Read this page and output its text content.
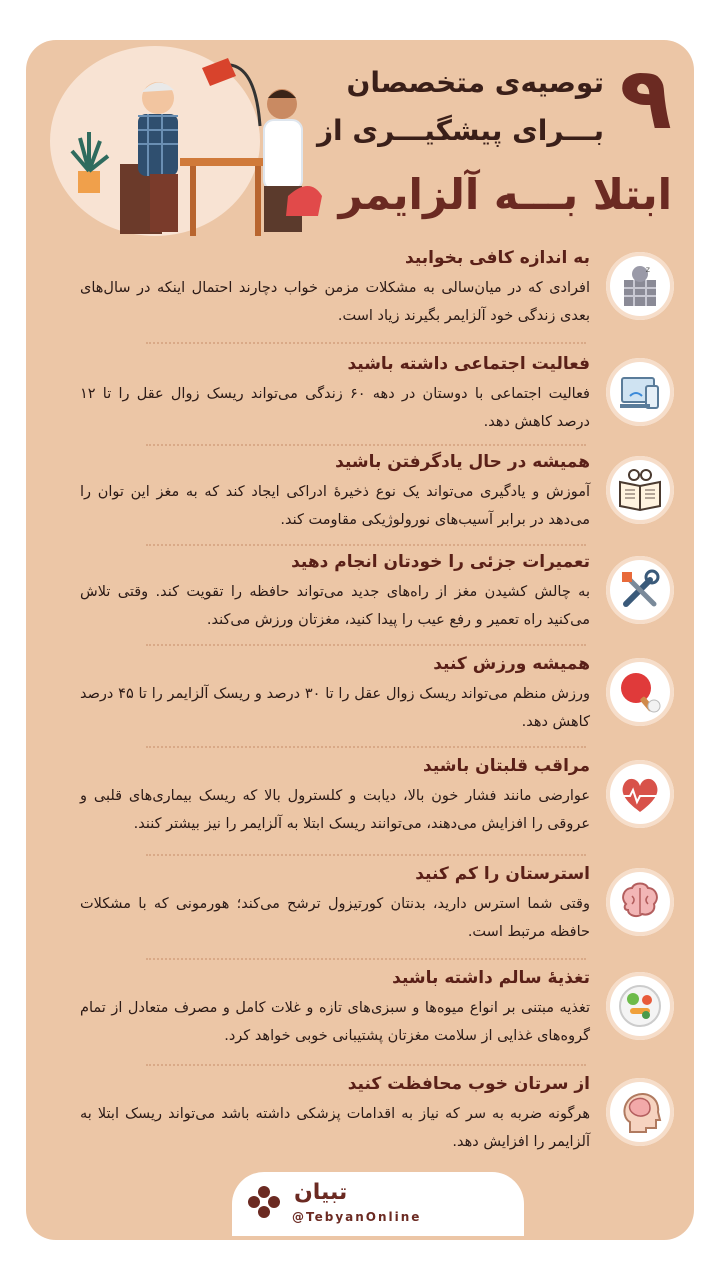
۹
توصیه‌ی متخصصان
بـــرای پیشگیـــری از
ابتلا بـــه آلزایمر
z
به اندازه کافی بخوابید
افرادی که در میان‌سالی به مشکلات مزمن خواب دچارند احتمال اینکه در سال‌های بعدی زندگی خود آلزایمر بگیرند زیاد است.
فعالیت اجتماعی داشته باشید
فعالیت اجتماعی با دوستان در دهه ۶۰ زندگی می‌تواند ریسک زوال عقل را تا ۱۲ درصد کاهش دهد.
همیشه در حال یادگرفتن باشید
آموزش و یادگیری می‌تواند یک نوع ذخیرهٔ ادراکی ایجاد کند که به مغز این توان را می‌دهد در برابر آسیب‌های نورولوژیکی مقاومت کند.
تعمیرات جزئی را خودتان انجام دهید
به چالش کشیدن مغز از راه‌های جدید می‌تواند حافظه را تقویت کند. وقتی تلاش می‌کنید راه تعمیر و رفع عیب را پیدا کنید، مغزتان ورزش می‌کند.
همیشه ورزش کنید
ورزش منظم می‌تواند ریسک زوال عقل را تا ۳۰ درصد و ریسک آلزایمر را تا ۴۵ درصد کاهش دهد.
مراقب قلبتان باشید
عوارضی مانند فشار خون بالا، دیابت و کلسترول بالا که ریسک بیماری‌های قلبی و عروقی را افزایش می‌دهند، می‌توانند ریسک ابتلا به آلزایمر را نیز بیشتر کنند.
استرستان را کم کنید
وقتی شما استرس دارید، بدنتان کورتیزول ترشح می‌کند؛ هورمونی که با مشکلات حافظه مرتبط است.
تغذیهٔ سالم داشته باشید
تغذیه مبتنی بر انواع میوه‌ها و سبزی‌های تازه و غلات کامل و مصرف متعادل از تمام گروه‌های غذایی از سلامت مغزتان پشتیبانی خوبی خواهد کرد.
از سرتان خوب محافظت کنید
هرگونه ضربه به سر که نیاز به اقدامات پزشکی داشته باشد می‌تواند ریسک ابتلا به آلزایمر را افزایش دهد.
تبیان
@TebyanOnline
